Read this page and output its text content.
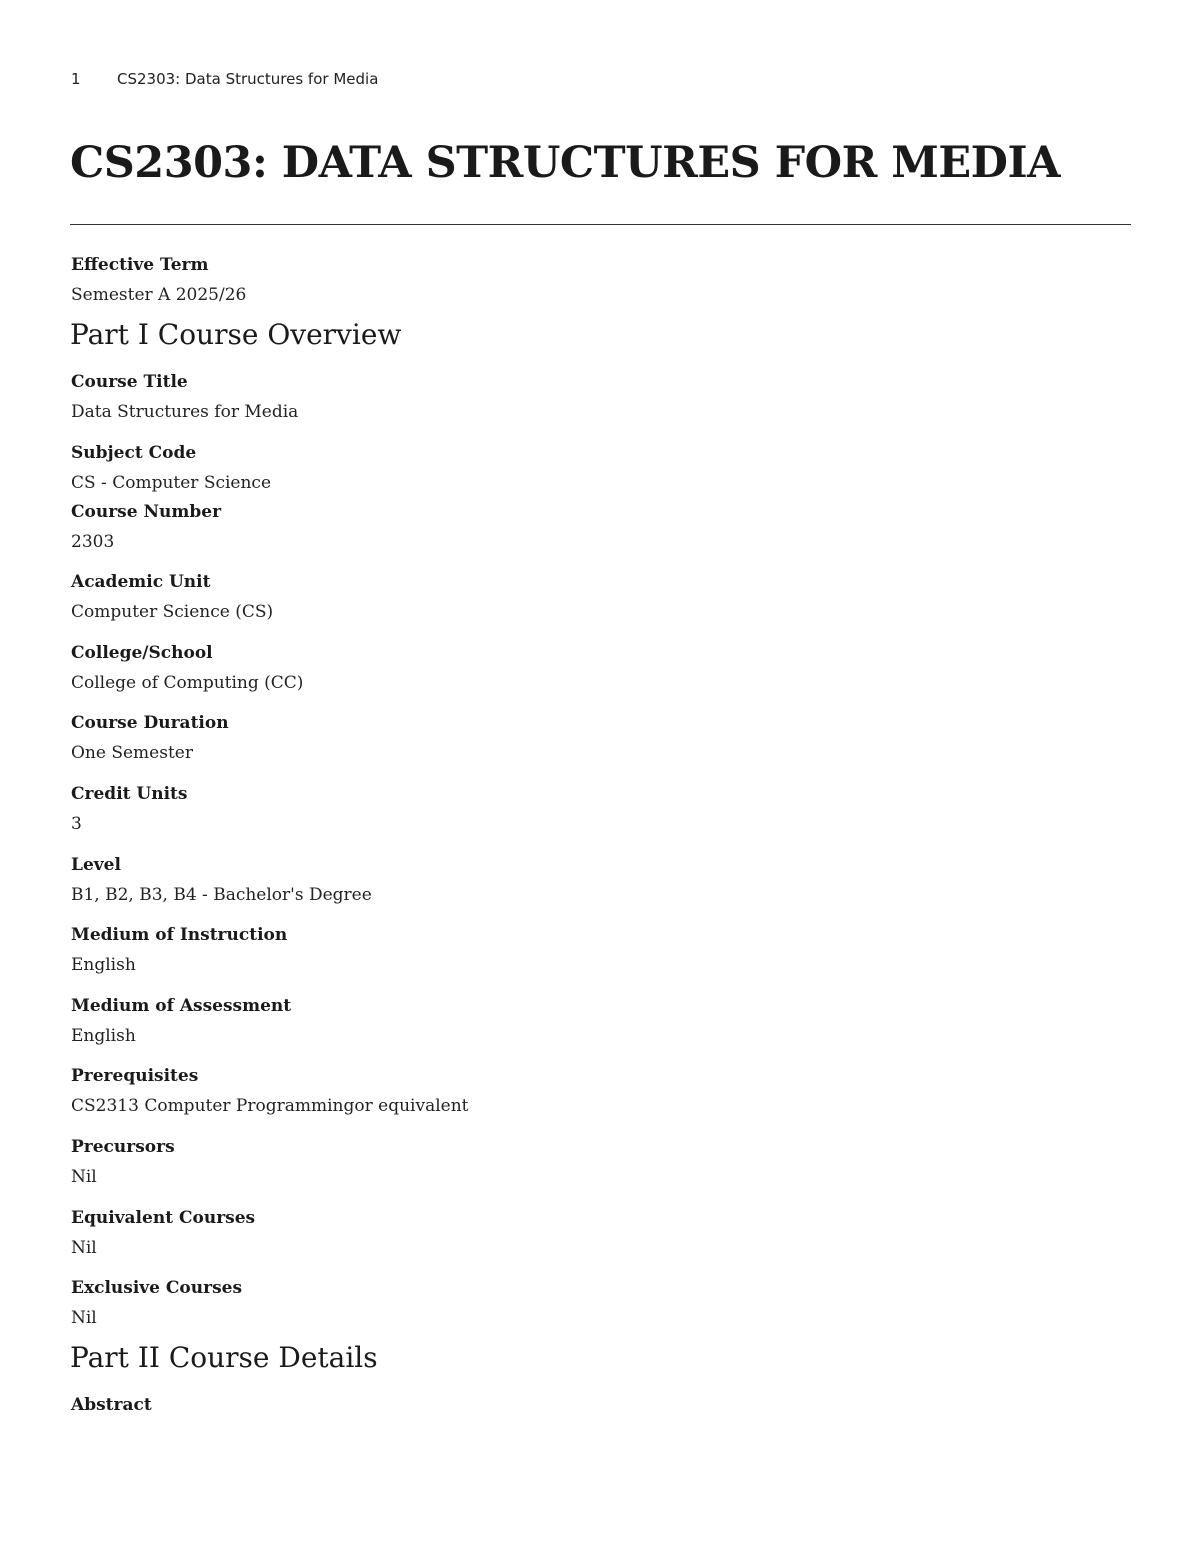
1	CS2303: Data Structures for Media
CS2303: DATA STRUCTURES FOR MEDIA
Effective Term
Semester A 2025/26
Part I Course Overview
Course Title
Data Structures for Media
Subject Code
CS - Computer Science
Course Number
2303
Academic Unit
Computer Science (CS)
College/School
College of Computing (CC)
Course Duration
One Semester
Credit Units
3
Level
B1, B2, B3, B4 - Bachelor's Degree
Medium of Instruction
English
Medium of Assessment
English
Prerequisites
CS2313 Computer Programmingor equivalent
Precursors
Nil
Equivalent Courses
Nil
Exclusive Courses
Nil
Part II Course Details
Abstract
